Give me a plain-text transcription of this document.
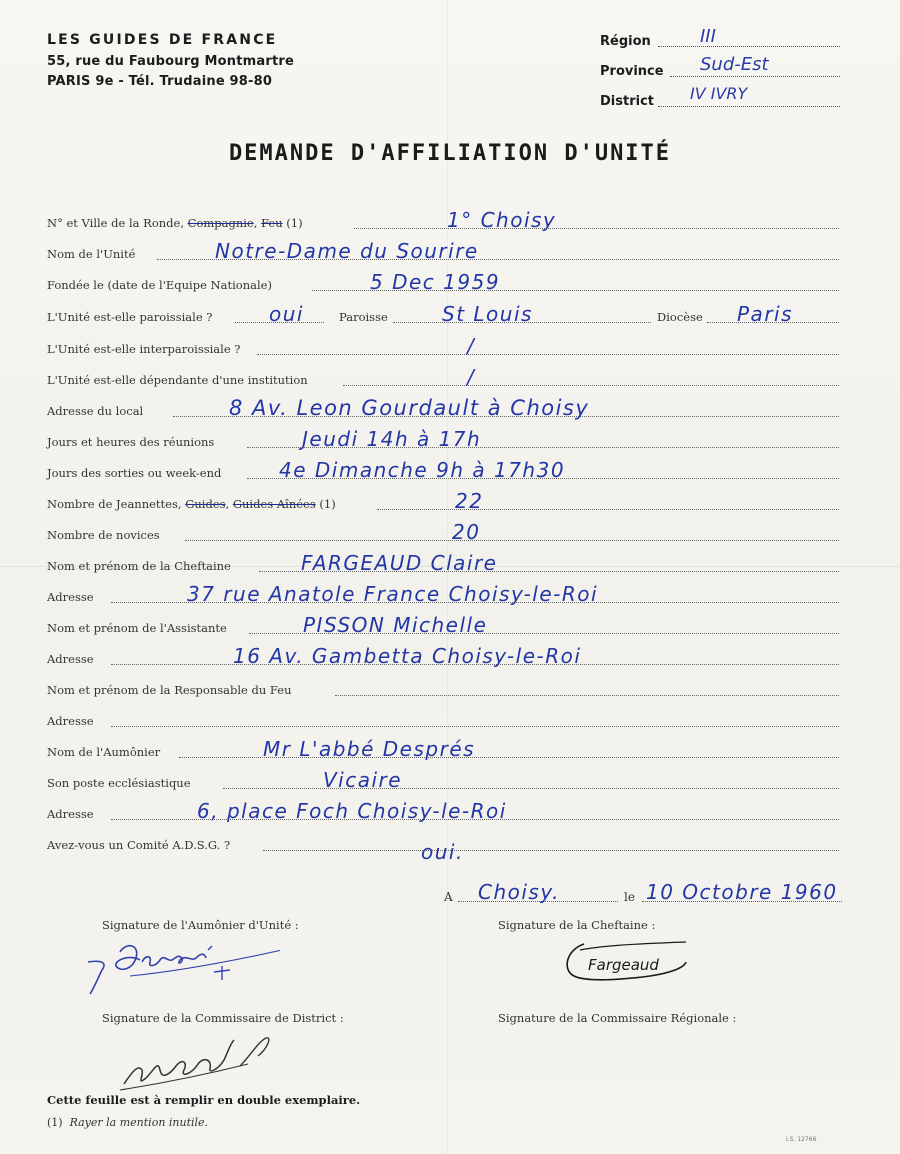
LES GUIDES DE FRANCE
55, rue du Faubourg Montmartre
PARIS 9e - Tél. Trudaine 98-80
Région	III
Province Sud-Est
District IV IVRY
DEMANDE D'AFFILIATION D'UNITÉ
N° et Ville de la Ronde, Compagnie, Feu (1)	1° Choisy
Nom de l'Unité	Notre-Dame du Sourire
Fondée le (date de l'Equipe Nationale)	5 Dec 1959
L'Unité est-elle paroissiale ?	oui	Paroisse	St Louis	Diocèse Paris
L'Unité est-elle interparoissiale ?	/
L'Unité est-elle dépendante d'une institution	/
Adresse du local	8 Av. Leon Gourdault à Choisy
Jours et heures des réunions	Jeudi 14h à 17h
Jours des sorties ou week-end	4e Dimanche 9h à 17h30
Nombre de Jeannettes, Guides, Guides Aînées (1)	22
Nombre de novices	20
Nom et prénom de la Cheftaine	FARGEAUD Claire
Adresse	37 rue Anatole France Choisy-le-Roi
Nom et prénom de l'Assistante	PISSON Michelle
Adresse	16 Av. Gambetta Choisy-le-Roi
Nom et prénom de la Responsable du Feu
Adresse
Nom de l'Aumônier	Mr L'abbé Després
Son poste ecclésiastique	Vicaire
Adresse	6, place Foch Choisy-le-Roi
Avez-vous un Comité A.D.S.G. ?	oui.
A Choisy.	le 10 Octobre 1960
Signature de l'Aumônier d'Unité :	Signature de la Cheftaine :
Fargeaud
Signature de la Commissaire de District :	Signature de la Commissaire Régionale :
Cette feuille est à remplir en double exemplaire.
(1) Rayer la mention inutile.
I.S. 12766
